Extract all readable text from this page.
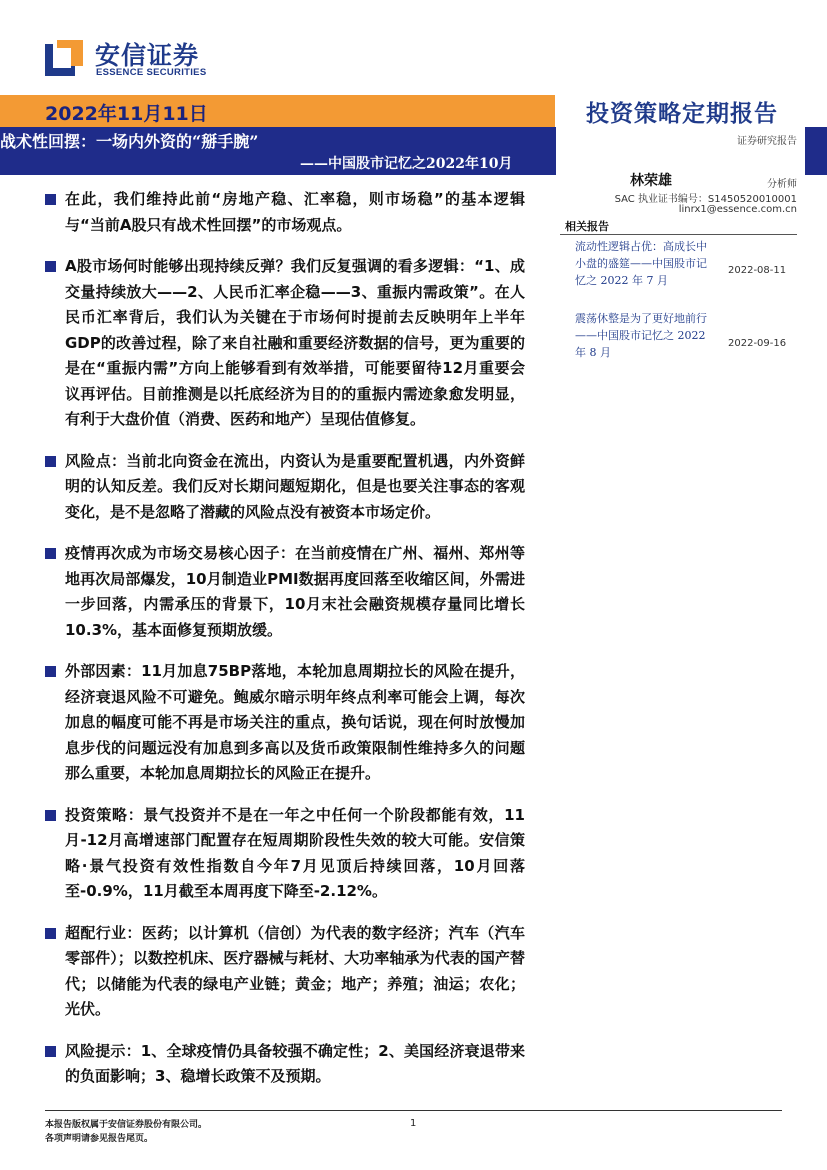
安信证券
ESSENCE SECURITIES
2022年11月11日	投资策略定期报告
证券研究报告
战术性回摆：一场内外资的“掰手腕”
——中国股市记忆之2022年10月
在此，我们维持此前“房地产稳、汇率稳，则市场稳”的基本逻辑与“当前A股只有战术性回摆”的市场观点。
A股市场何时能够出现持续反弹？我们反复强调的看多逻辑：“1、成交量持续放大——2、人民币汇率企稳——3、重振内需政策”。在人民币汇率背后，我们认为关键在于市场何时提前去反映明年上半年GDP的改善过程，除了来自社融和重要经济数据的信号，更为重要的是在“重振内需”方向上能够看到有效举措，可能要留待12月重要会议再评估。目前推测是以托底经济为目的的重振内需迹象愈发明显，有利于大盘价值（消费、医药和地产）呈现估值修复。
风险点：当前北向资金在流出，内资认为是重要配置机遇，内外资鲜明的认知反差。我们反对长期问题短期化，但是也要关注事态的客观变化，是不是忽略了潜藏的风险点没有被资本市场定价。
疫情再次成为市场交易核心因子：在当前疫情在广州、福州、郑州等地再次局部爆发，10月制造业PMI数据再度回落至收缩区间，外需进一步回落，内需承压的背景下，10月末社会融资规模存量同比增长10.3%，基本面修复预期放缓。
外部因素：11月加息75BP落地，本轮加息周期拉长的风险在提升，经济衰退风险不可避免。鲍威尔暗示明年终点利率可能会上调，每次加息的幅度可能不再是市场关注的重点，换句话说，现在何时放慢加息步伐的问题远没有加息到多高以及货币政策限制性维持多久的问题那么重要，本轮加息周期拉长的风险正在提升。
投资策略：景气投资并不是在一年之中任何一个阶段都能有效，11月-12月高增速部门配置存在短周期阶段性失效的较大可能。安信策略·景气投资有效性指数自今年7月见顶后持续回落，10月回落至-0.9%，11月截至本周再度下降至-2.12%。
超配行业：医药；以计算机（信创）为代表的数字经济；汽车（汽车零部件）；以数控机床、医疗器械与耗材、大功率轴承为代表的国产替代；以储能为代表的绿电产业链；黄金；地产；养殖；油运；农化；光伏。
风险提示：1、全球疫情仍具备较强不确定性；2、美国经济衰退带来的负面影响；3、稳增长政策不及预期。
林荣雄	分析师
SAC 执业证书编号：S1450520010001
linrx1@essence.com.cn
相关报告
流动性逻辑占优：高成长中小盘的盛筵——中国股市记忆之 2022 年 7 月
2022-08-11
震荡休整是为了更好地前行——中国股市记忆之 2022 年 8 月
2022-09-16
本报告版权属于安信证券股份有限公司。
各项声明请参见报告尾页。
1
